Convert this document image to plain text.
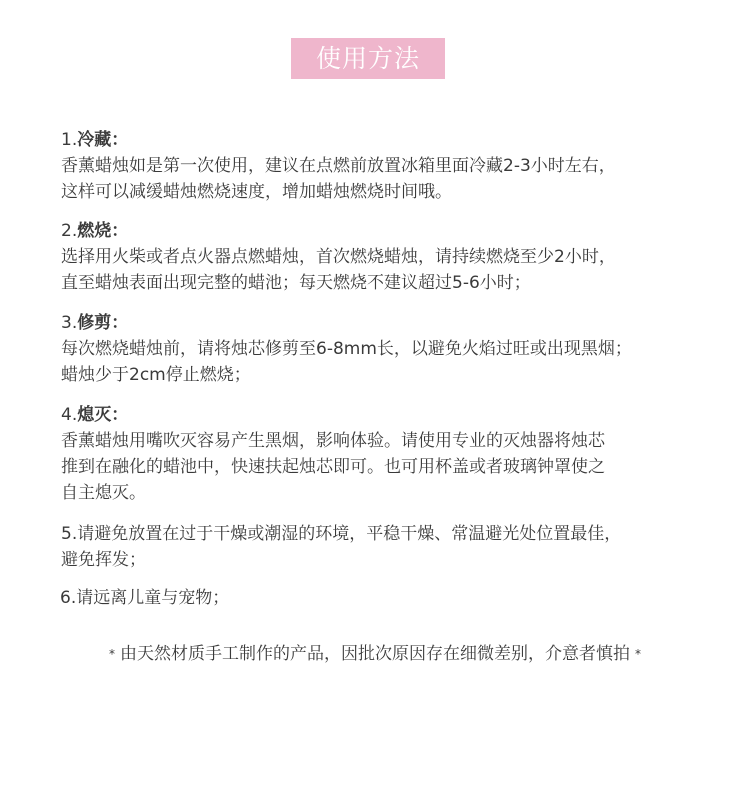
使用方法
1.冷藏：
香薰蜡烛如是第一次使用，建议在点燃前放置冰箱里面冷藏2-3小时左右，
这样可以减缓蜡烛燃烧速度，增加蜡烛燃烧时间哦。
2.燃烧：
选择用火柴或者点火器点燃蜡烛，首次燃烧蜡烛，请持续燃烧至少2小时，
直至蜡烛表面出现完整的蜡池；每天燃烧不建议超过5-6小时；
3.修剪：
每次燃烧蜡烛前，请将烛芯修剪至6-8mm长，以避免火焰过旺或出现黑烟；
蜡烛少于2cm停止燃烧；
4.熄灭：
香薰蜡烛用嘴吹灭容易产生黑烟，影响体验。请使用专业的灭烛器将烛芯
推到在融化的蜡池中，快速扶起烛芯即可。也可用杯盖或者玻璃钟罩使之
自主熄灭。
5.请避免放置在过于干燥或潮湿的环境，平稳干燥、常温避光处位置最佳，
避免挥发；
6.请远离儿童与宠物；
* 由天然材质手工制作的产品，因批次原因存在细微差别，介意者慎拍 *
